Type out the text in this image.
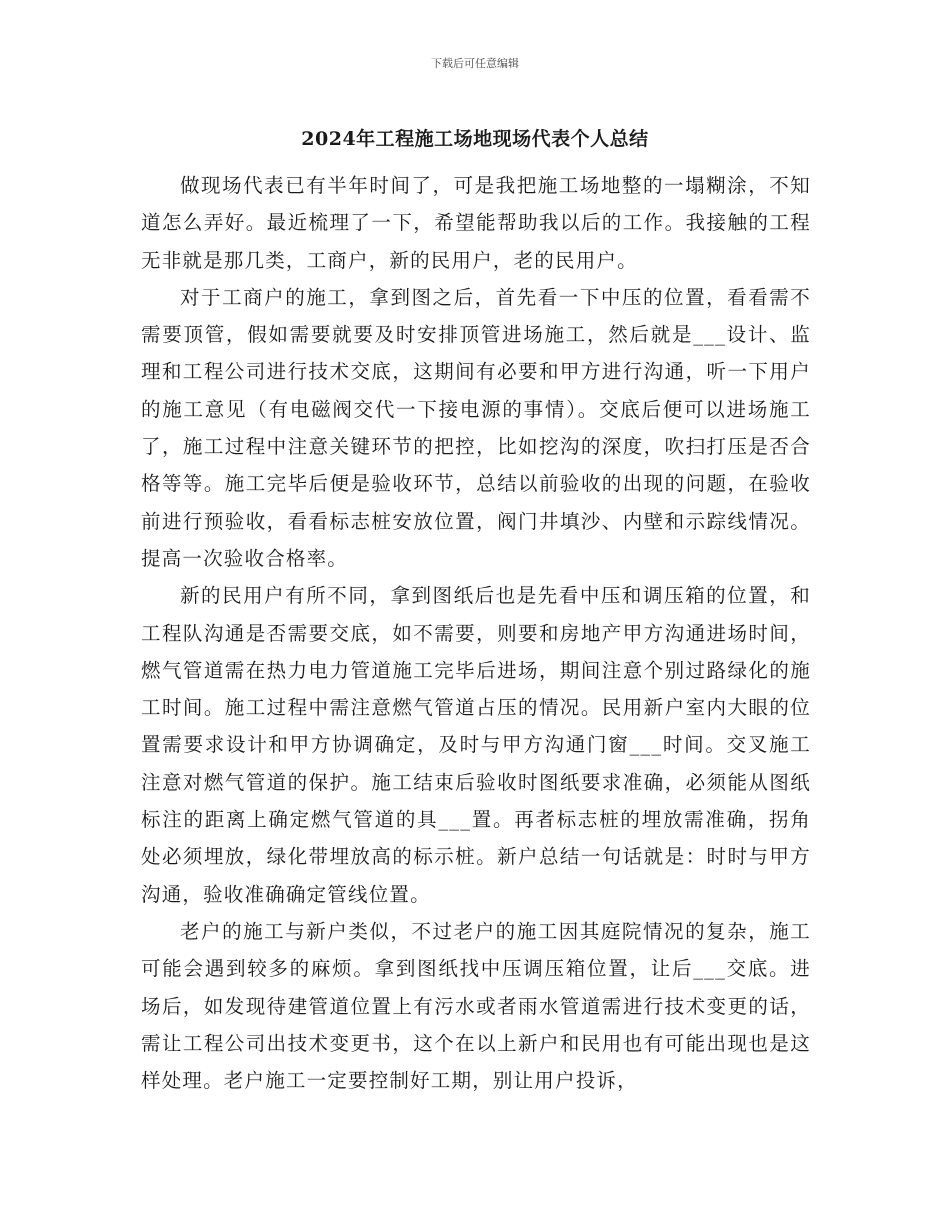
下载后可任意编辑
2024年工程施工场地现场代表个人总结

做现场代表已有半年时间了，可是我把施工场地整的一塌糊涂，不知道怎么弄好。最近梳理了一下，希望能帮助我以后的工作。我接触的工程无非就是那几类，工商户，新的民用户，老的民用户。

对于工商户的施工，拿到图之后，首先看一下中压的位置，看看需不需要顶管，假如需要就要及时安排顶管进场施工，然后就是___设计、监理和工程公司进行技术交底，这期间有必要和甲方进行沟通，听一下用户的施工意见（有电磁阀交代一下接电源的事情）。交底后便可以进场施工了，施工过程中注意关键环节的把控，比如挖沟的深度，吹扫打压是否合格等等。施工完毕后便是验收环节，总结以前验收的出现的问题，在验收前进行预验收，看看标志桩安放位置，阀门井填沙、内壁和示踪线情况。提高一次验收合格率。

新的民用户有所不同，拿到图纸后也是先看中压和调压箱的位置，和工程队沟通是否需要交底，如不需要，则要和房地产甲方沟通进场时间，燃气管道需在热力电力管道施工完毕后进场，期间注意个别过路绿化的施工时间。施工过程中需注意燃气管道占压的情况。民用新户室内大眼的位置需要求设计和甲方协调确定，及时与甲方沟通门窗___时间。交叉施工注意对燃气管道的保护。施工结束后验收时图纸要求准确，必须能从图纸标注的距离上确定燃气管道的具___置。再者标志桩的埋放需准确，拐角处必须埋放，绿化带埋放高的标示桩。新户总结一句话就是：时时与甲方沟通，验收准确确定管线位置。

老户的施工与新户类似，不过老户的施工因其庭院情况的复杂，施工可能会遇到较多的麻烦。拿到图纸找中压调压箱位置，让后___交底。进场后，如发现待建管道位置上有污水或者雨水管道需进行技术变更的话，需让工程公司出技术变更书，这个在以上新户和民用也有可能出现也是这样处理。老户施工一定要控制好工期，别让用户投诉，
